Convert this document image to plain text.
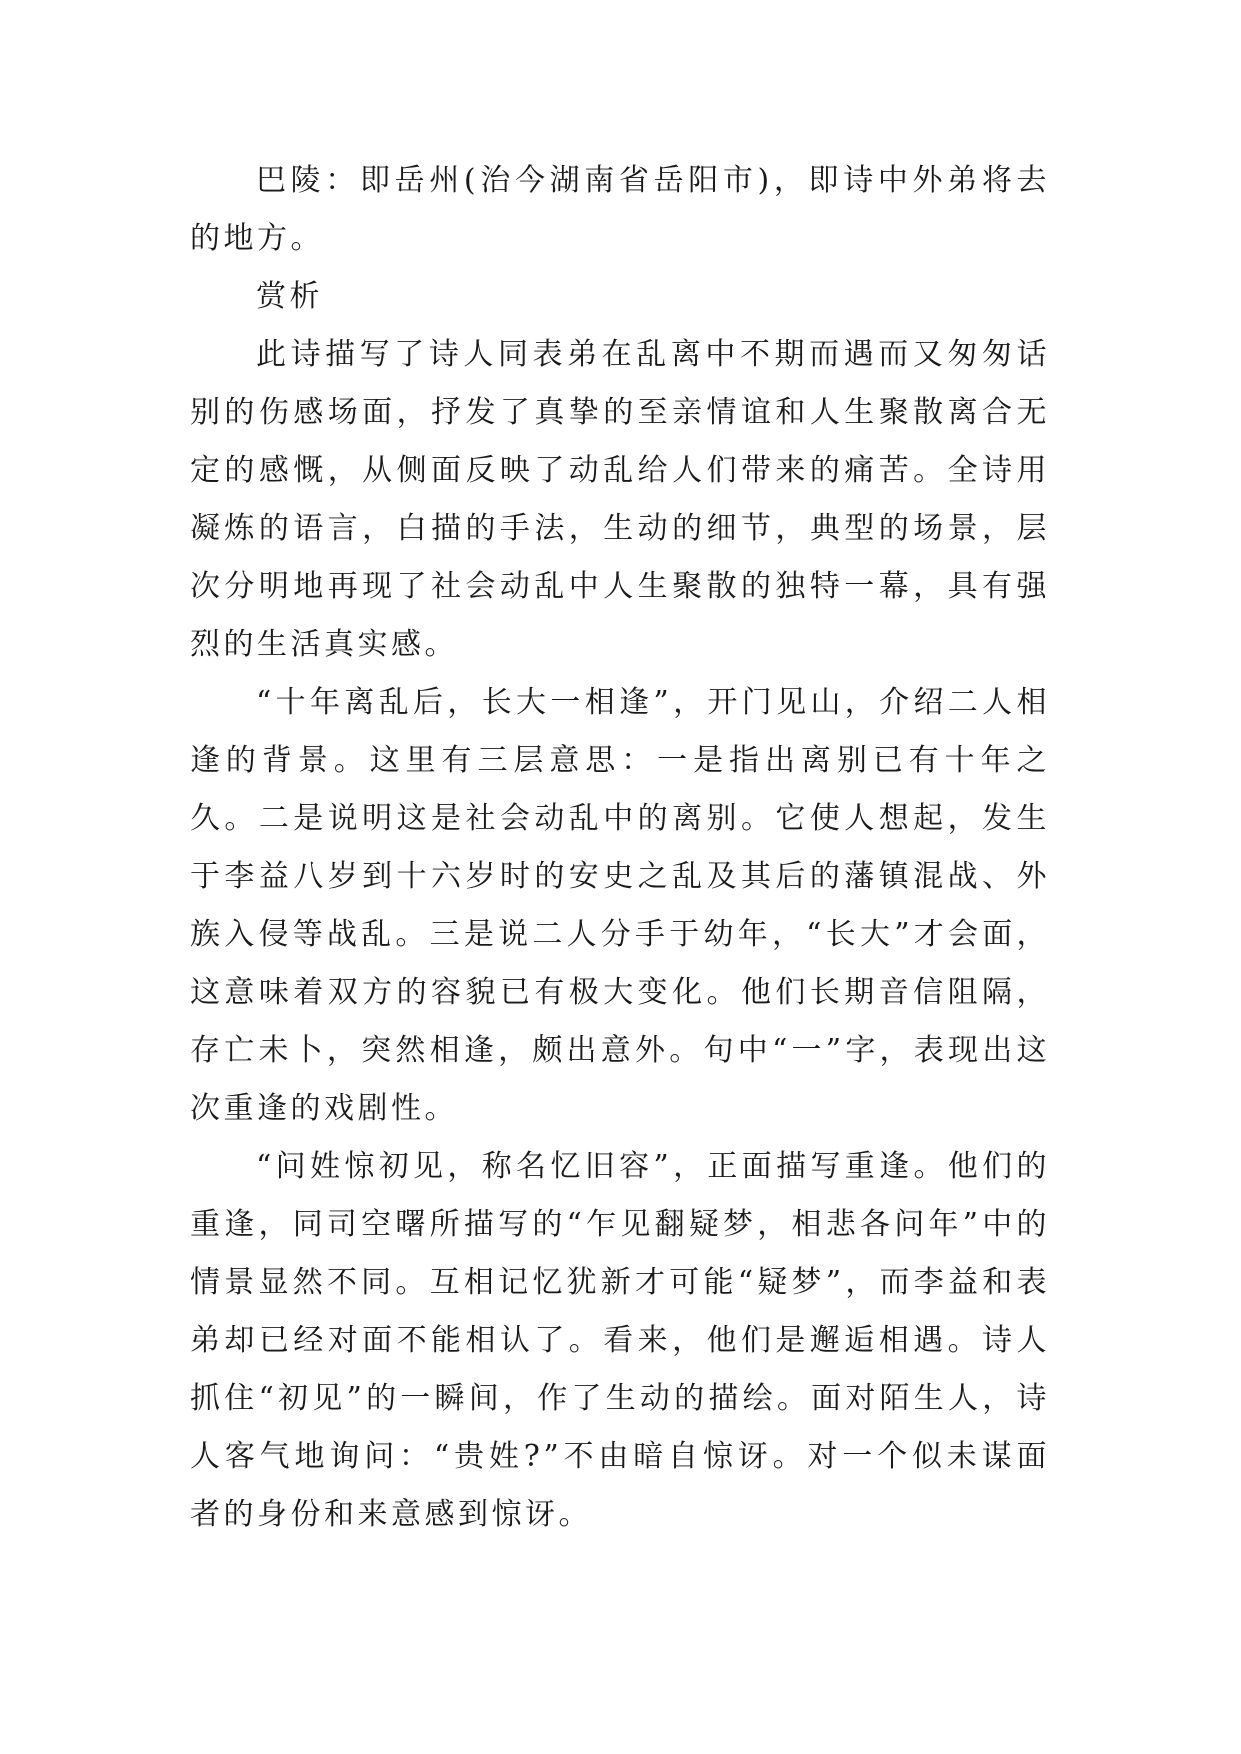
巴陵：即岳州(治今湖南省岳阳市)，即诗中外弟将去的地方。

赏析

此诗描写了诗人同表弟在乱离中不期而遇而又匆匆话别的伤感场面，抒发了真挚的至亲情谊和人生聚散离合无定的感慨，从侧面反映了动乱给人们带来的痛苦。全诗用凝炼的语言，白描的手法，生动的细节，典型的场景，层次分明地再现了社会动乱中人生聚散的独特一幕，具有强烈的生活真实感。

“十年离乱后，长大一相逢”，开门见山，介绍二人相逢的背景。这里有三层意思：一是指出离别已有十年之久。二是说明这是社会动乱中的离别。它使人想起，发生于李益八岁到十六岁时的安史之乱及其后的藩镇混战、外族入侵等战乱。三是说二人分手于幼年，“长大”才会面，这意味着双方的容貌已有极大变化。他们长期音信阻隔，存亡未卜，突然相逢，颇出意外。句中“一”字，表现出这次重逢的戏剧性。

“问姓惊初见，称名忆旧容”，正面描写重逢。他们的重逢，同司空曙所描写的“乍见翻疑梦，相悲各问年”中的情景显然不同。互相记忆犹新才可能“疑梦”，而李益和表弟却已经对面不能相认了。看来，他们是邂逅相遇。诗人抓住“初见”的一瞬间，作了生动的描绘。面对陌生人，诗人客气地询问：“贵姓?”不由暗自惊讶。对一个似未谋面者的身份和来意感到惊讶。
